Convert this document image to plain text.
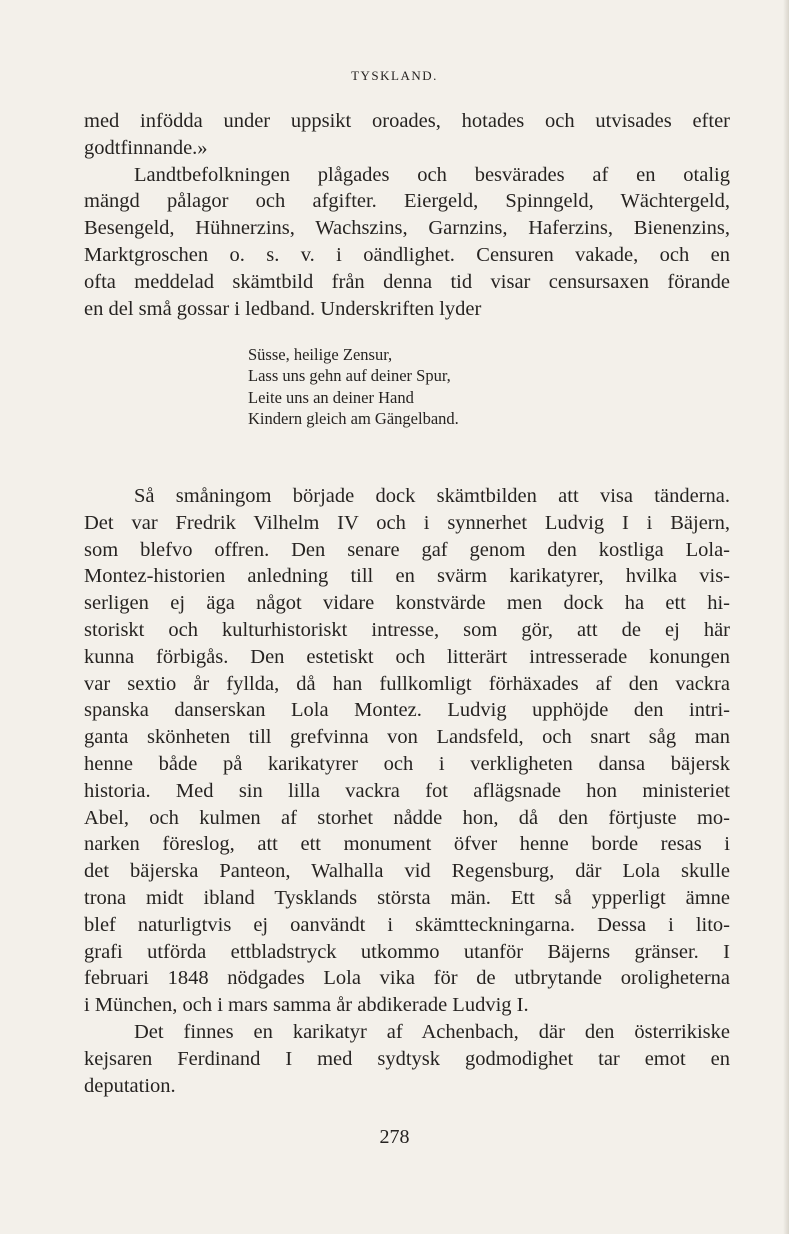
TYSKLAND.
med infödda under uppsikt oroades, hotades och utvisades efter
godtfinnande.»
Landtbefolkningen plågades och besvärades af en otalig
mängd pålagor och afgifter. Eiergeld, Spinngeld, Wächtergeld,
Besengeld, Hühnerzins, Wachszins, Garnzins, Haferzins, Bienenzins,
Marktgroschen o. s. v. i oändlighet. Censuren vakade, och en
ofta meddelad skämtbild från denna tid visar censursaxen förande
en del små gossar i ledband. Underskriften lyder
Süsse, heilige Zensur,
Lass uns gehn auf deiner Spur,
Leite uns an deiner Hand
Kindern gleich am Gängelband.
Så småningom började dock skämtbilden att visa tänderna.
Det var Fredrik Vilhelm IV och i synnerhet Ludvig I i Bäjern,
som blefvo offren. Den senare gaf genom den kostliga Lola-
Montez-historien anledning till en svärm karikatyrer, hvilka vis-
serligen ej äga något vidare konstvärde men dock ha ett hi-
storiskt och kulturhistoriskt intresse, som gör, att de ej här
kunna förbigås. Den estetiskt och litterärt intresserade konungen
var sextio år fyllda, då han fullkomligt förhäxades af den vackra
spanska danserskan Lola Montez. Ludvig upphöjde den intri-
ganta skönheten till grefvinna von Landsfeld, och snart såg man
henne både på karikatyrer och i verkligheten dansa bäjersk
historia. Med sin lilla vackra fot aflägsnade hon ministeriet
Abel, och kulmen af storhet nådde hon, då den förtjuste mo-
narken föreslog, att ett monument öfver henne borde resas i
det bäjerska Panteon, Walhalla vid Regensburg, där Lola skulle
trona midt ibland Tysklands största män. Ett så ypperligt ämne
blef naturligtvis ej oanvändt i skämtteckningarna. Dessa i lito-
grafi utförda ettbladstryck utkommo utanför Bäjerns gränser. I
februari 1848 nödgades Lola vika för de utbrytande oroligheterna
i München, och i mars samma år abdikerade Ludvig I.
Det finnes en karikatyr af Achenbach, där den österrikiske
kejsaren Ferdinand I med sydtysk godmodighet tar emot en
deputation.
278
